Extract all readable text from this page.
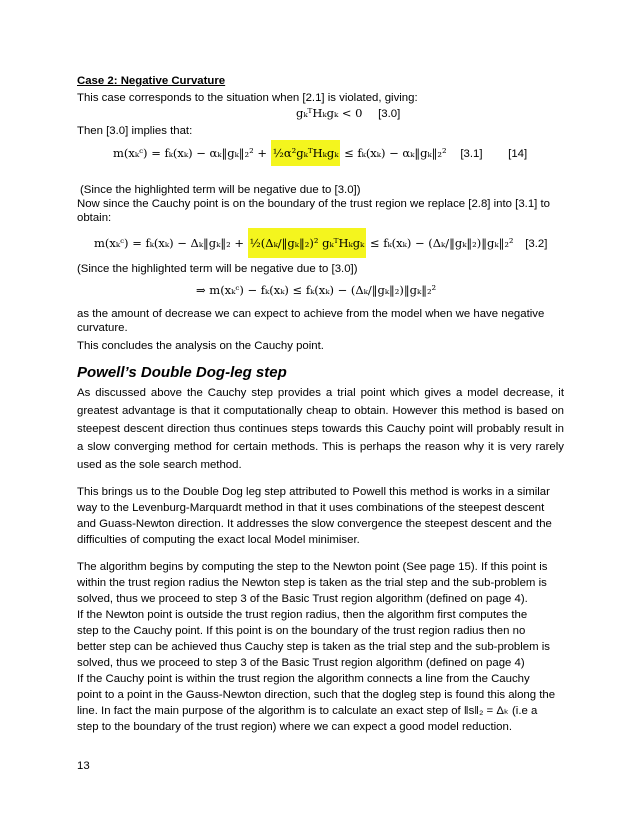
Case 2: Negative Curvature
This case corresponds to the situation when [2.1] is violated, giving:
gₖᵀHₖgₖ < 0 [3.0]
Then [3.0] implies that:
m(xₖᶜ) = fₖ(xₖ) − αₖ‖gₖ‖₂² + ½α²gₖᵀHₖgₖ ≤ fₖ(xₖ) − αₖ‖gₖ‖₂² [3.1] [14]
(Since the highlighted term will be negative due to [3.0])
Now since the Cauchy point is on the boundary of the trust region we replace [2.8] into [3.1] to
obtain:
m(xₖᶜ) = fₖ(xₖ) − Δₖ‖gₖ‖₂ + ½(Δₖ/‖gₖ‖₂)² gₖᵀHₖgₖ ≤ fₖ(xₖ) − (Δₖ/‖gₖ‖₂)‖gₖ‖₂² [3.2]
(Since the highlighted term will be negative due to [3.0])
⇒ m(xₖᶜ) − fₖ(xₖ) ≤ fₖ(xₖ) − (Δₖ/‖gₖ‖₂)‖gₖ‖₂²
as the amount of decrease we can expect to achieve from the model when we have negative
curvature.
This concludes the analysis on the Cauchy point.
Powell’s Double Dog-leg step
As discussed above the Cauchy step provides a trial point which gives a model decrease, it
greatest advantage is that it computationally cheap to obtain. However this method is based on
steepest descent direction thus continues steps towards this Cauchy point will probably result in
a slow converging method for certain methods. This is perhaps the reason why it is very rarely
used as the sole search method.
This brings us to the Double Dog leg step attributed to Powell this method is works in a similar
way to the Levenburg-Marquardt method in that it uses combinations of the steepest descent
and Guass-Newton direction. It addresses the slow convergence the steepest descent and the
difficulties of computing the exact local Model minimiser.
The algorithm begins by computing the step to the Newton point (See page 15). If this point is
within the trust region radius the Newton step is taken as the trial step and the sub-problem is
solved, thus we proceed to step 3 of the Basic Trust region algorithm (defined on page 4).
If the Newton point is outside the trust region radius, then the algorithm first computes the
step to the Cauchy point. If this point is on the boundary of the trust region radius then no
better step can be achieved thus Cauchy step is taken as the trial step and the sub-problem is
solved, thus we proceed to step 3 of the Basic Trust region algorithm (defined on page 4)
If the Cauchy point is within the trust region the algorithm connects a line from the Cauchy
point to a point in the Gauss-Newton direction, such that the dogleg step is found this along the
line. In fact the main purpose of the algorithm is to calculate an exact step of ‖s‖₂ = Δₖ (i.e a
step to the boundary of the trust region) where we can expect a good model reduction.
13
